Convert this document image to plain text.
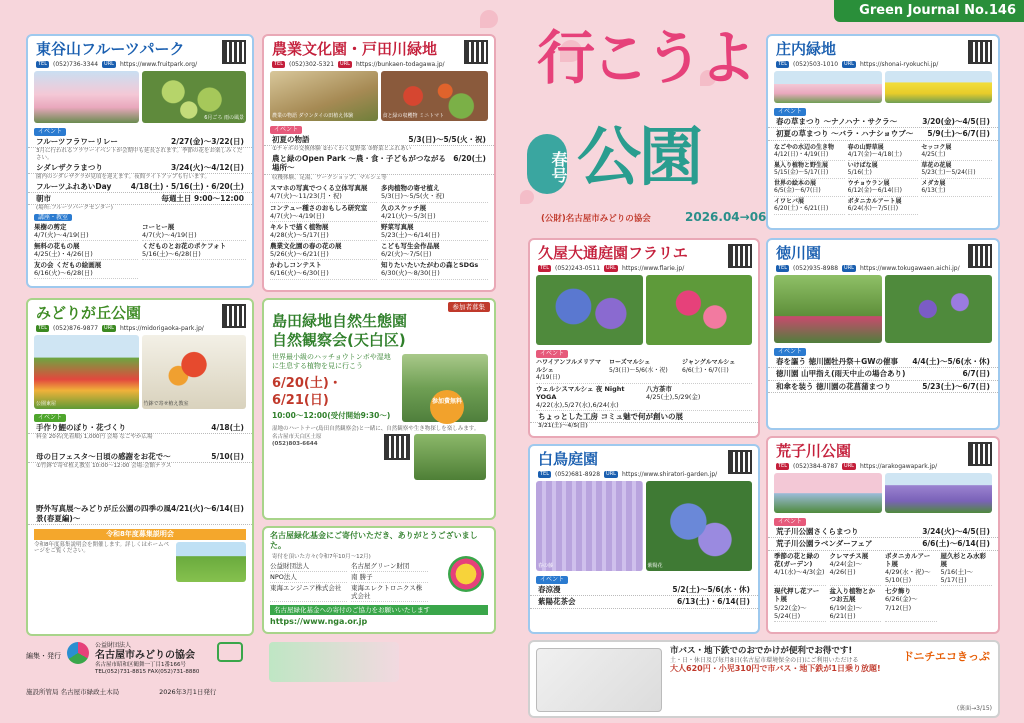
Green Journal No.146
行こうよ
春号 公園
(公財)名古屋市みどりの協会	2026.04→06
東谷山フルーツパーク
TEL	(052)736-3344	URL	https://www.fruitpark.org/
6月ごろ 雨の風景
イベント
フルーツフラワーリレー	2/27(金)～3/22(日)
3月に行われるフラワーイベントが会期中も延長されます。季節の花をお楽しみください。
シダレザクラまつり	3/24(火)～4/12(日)
園内のシダレザクラが見頃を迎えます。夜間ライトアップも行います。
フルーツふれあいDay	4/18(土)・5/16(土)・6/20(土)
朝市	毎週土日 9:00～12:00
(場所:フルーツパークセンター)
講座・教室
果樹の剪定
4/7(火)～4/19(日)
コーヒー展
4/7(火)～4/19(日)
無料の花もの展
4/25(土)・4/26(日)
くだものとお花のポケフォト
5/16(土)～6/28(日)
友の会 くだもの絵画展
6/16(火)～6/28(日)
農業文化園・戸田川緑地
TEL	(052)302-5321	URL	https://bunkaen-todagawa.jp/
農業の物語 ダウンタイの田植え体験	食と緑の収穫物 ミニトマト
イベント
初夏の物語	5/3(日)～5/5(火・祝)
①チャボの交換体験 ②わくわく夏野菜 ③野菜とふれあい
農と緑のOpen Park ～農・食・子どもがつながる場所～
6/20(土)
収穫体験、足湯、ワークショップ、マルシェ等
スマホの写真でつくる立体写真展
4/7(火)～11/23(月・祝)
多肉植物の寄せ植え
5/3(日)～5/5(火・祝)
コンテュー種さのおもしろ研究室
4/7(火)～4/19(日)
久のスケッチ展
4/21(火)～5/3(日)
キルトで描く植物展
4/28(火)～5/17(日)
野菜写真展
5/23(土)～6/14(日)
農業文化園の春の花の展
5/26(火)～6/21(日)
こども写生会作品展
6/2(火)～7/5(日)
かわしコンテスト
6/16(火)～6/30(日)
知りたいたいたがわの森とSDGs
6/30(火)～8/30(日)
みどりが丘公園
TEL	(052)876-9877	URL	https://midorigaoka-park.jp/
公園東屋	竹鉢で寄せ植え教室
イベント
手作り鯉のぼり・花づくり	4/18(土)
料金 20名(先着順) 1,000円 会場 なごやか広場
母の日フェスタ～日頃の感謝をお花で～	5/10(日)
①竹鉢で寄せ植え教室 10:00～12:00 会場:会館テラス
野外写真展～みどりが丘公園の四季の風景(春夏編)～
4/21(火)～6/14(日)
令和8年度募集説明会
令和8年度募集説明会を開催します。詳しくはホームページをご覧ください。
参加者募集
島田緑地自然生態園
自然観察会(天白区)
世界最小級のハッチョウトンボや湿地に生息する植物を見に行こう
6/20(土)・6/21(日)
10:00～12:00(受付開始9:30～)
参加費無料
湿地のハートナー(島田自然観察会)と一緒に、自然観察や生き物探しを楽しみます。
名古屋市天白区土原
(052)803-6644
名古屋緑化基金にご寄付いただき、ありがとうございました。
寄付を頂いた方々(令和7年10月～12月)
公益財団法人	名古屋グリーン財団
NPO法人	南 勝子
東海エンジニア株式会社	東海エレクトロニクス株式会社
名古屋緑化基金への寄付のご協力をお願いいたします
https://www.nga.or.jp
編集・発行
公益財団法人
名古屋市みどりの協会
名古屋市昭和区鶴舞一丁目1番166号
TEL(052)731-8815 FAX(052)731-8880
施設所管局 名古屋市緑政土木局	2026年3月1日発行
庄内緑地
TEL	(052)503-1010	URL	https://shonai-ryokuchi.jp/
イベント
春の草まつり ～ナノハナ・サクラ～	3/20(金)～4/5(日)
初夏の草まつり ～バラ・ハナショウブ～ 5/9(土)～6/7(日)
なごやの水辺の生き物
4/12(日)・4/19(日)
春の山野草展
4/17(金)～4/18(土)
セッコク展
4/25(土)
巣入り植物と野生展
5/15(金)～5/17(日)
いけばな展
5/16(土)
草花の花展
5/23(土)～5/24(日)
世界の絵本の展
6/5(金)～6/7(日)
ウチョウラン展
6/12(金)～6/14(日)
メダカ展
6/13(土)
イワヒバ展
6/20(土)・6/21(日)
ボタニカルアート展
6/24(水)～7/5(日)
久屋大通庭園フラリエ
TEL	(052)243-0511	URL	https://www.flarie.jp/
イベント
ハワイアンフルメリアマルシェ
4/19(日)
ローズマルシェ
5/3(日)～5/6(水・祝)
ジャングルマルシェ
6/6(土)・6/7(日)
ウェルシスマルシェ 夜 Night YOGA
4/22(水),5/27(水),6/24(水)
八方茶市
4/25(土),5/29(金)
ちょっとした工房 コミュ魅で何が創いの展
3/21(土)～4/5(日)
徳川園
TEL	(052)935-8988	URL	https://www.tokugawaen.aichi.jp/
イベント
春を謳う 徳川園牡丹祭＋GWの催事 4/4(土)～5/6(水・休)
徳川園 山甲指え(雨天中止の場合あり)	6/7(日)
和傘を装う 徳川園の花菖蒲まつり	5/23(土)～6/7(日)
白鳥庭園
TEL	(052)681-8928	URL	https://www.shiratori-garden.jp/
春の藤	紫陽花
イベント
春涼漫	5/2(土)～5/6(水・休)
紫陽花茶会	6/13(土)・6/14(日)
荒子川公園
TEL	(052)384-8787	URL	https://arakogawapark.jp/
イベント
荒子川公園さくらまつり	3/24(火)～4/5(日)
荒子川公園ラベンダーフェア	6/6(土)～6/14(日)
季節の花と緑の花(ガーデン)
4/1(水)～4/3(金)
クレマチス展
4/24(金)～4/26(日)
ボタニカルアート展
4/29(水・祝)～5/10(日)
屋久杉とみ水彩展
5/16(土)～5/17(日)
現代押し花アート展
5/22(金)～5/24(日)
盆入り植物とかつお五展
6/19(金)～6/21(日)
七夕飾り
6/26(金)～7/12(日)
市バス・地下鉄でのおでかけが便利でお得です!
土・日・休日及び毎月8日(名古屋市環境保全の日)にご利用いただける
大人620円・小児310円で市バス・地下鉄が1日乗り放題!
ドニチエコきっぷ
(裏面→3/15)
